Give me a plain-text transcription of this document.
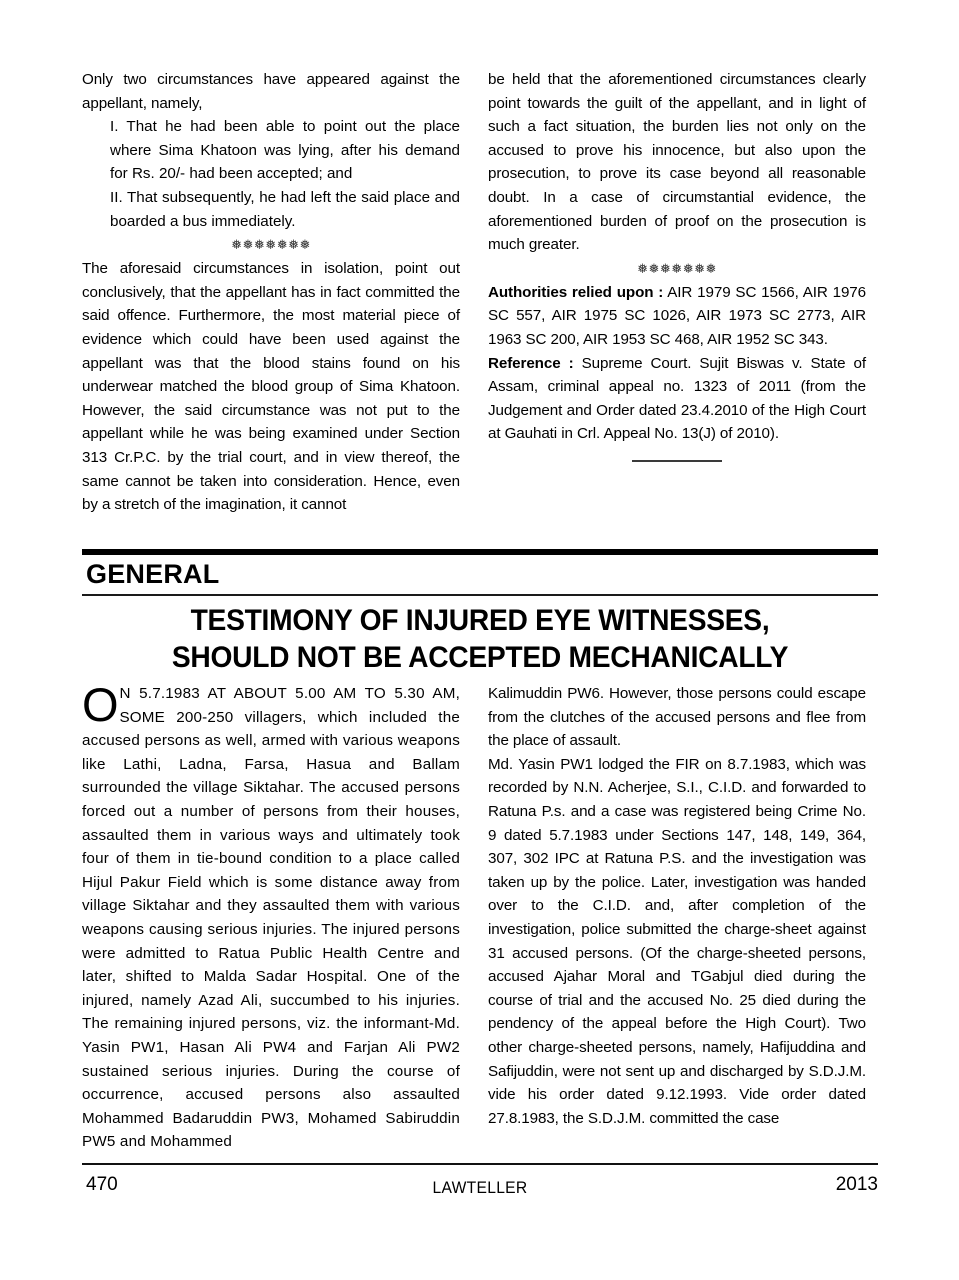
Only two circumstances have appeared against the appellant, namely,

I. That he had been able to point out the place where Sima Khatoon was lying, after his demand for Rs. 20/- had been accepted; and

II. That subsequently, he had left the said place and boarded a bus immediately.

❅❅❅❅❅❅❅

The aforesaid circumstances in isolation, point out conclusively, that the appellant has in fact committed the said offence. Furthermore, the most material piece of evidence which could have been used against the appellant was that the blood stains found on his underwear matched the blood group of Sima Khatoon. However, the said circumstance was not put to the appellant while he was being examined under Section 313 Cr.P.C. by the trial court, and in view thereof, the same cannot be taken into consideration. Hence, even by a stretch of the imagination, it cannot

be held that the aforementioned circumstances clearly point towards the guilt of the appellant, and in light of such a fact situation, the burden lies not only on the accused to prove his innocence, but also upon the prosecution, to prove its case beyond all reasonable doubt. In a case of circumstantial evidence, the aforementioned burden of proof on the prosecution is much greater.

❅❅❅❅❅❅❅

Authorities relied upon : AIR 1979 SC 1566, AIR 1976 SC 557, AIR 1975 SC 1026, AIR 1973 SC 2773, AIR 1963 SC 200, AIR 1953 SC 468, AIR 1952 SC 343.

Reference : Supreme Court. Sujit Biswas v. State of Assam, criminal appeal no. 1323 of 2011 (from the Judgement and Order dated 23.4.2010 of the High Court at Gauhati in Crl. Appeal No. 13(J) of 2010).

GENERAL
TESTIMONY OF INJURED EYE WITNESSES,
SHOULD NOT BE ACCEPTED MECHANICALLY

O N 5.7.1983 AT ABOUT 5.00 AM TO 5.30 AM, SOME 200-250 villagers, which included the accused persons as well, armed with various weapons like Lathi, Ladna, Farsa, Hasua and Ballam surrounded the village Siktahar. The accused persons forced out a number of persons from their houses, assaulted them in various ways and ultimately took four of them in tie-bound condition to a place called Hijul Pakur Field which is some distance away from village Siktahar and they assaulted them with various weapons causing serious injuries. The injured persons were admitted to Ratua Public Health Centre and later, shifted to Malda Sadar Hospital. One of the injured, namely Azad Ali, succumbed to his injuries. The remaining injured persons, viz. the informant-Md. Yasin PW1, Hasan Ali PW4 and Farjan Ali PW2 sustained serious injuries. During the course of occurrence, accused persons also assaulted Mohammed Badaruddin PW3, Mohamed Sabiruddin PW5 and Mohammed

Kalimuddin PW6. However, those persons could escape from the clutches of the accused persons and flee from the place of assault.

Md. Yasin PW1 lodged the FIR on 8.7.1983, which was recorded by N.N. Acherjee, S.I., C.I.D. and forwarded to Ratuna P.s. and a case was registered being Crime No. 9 dated 5.7.1983 under Sections 147, 148, 149, 364, 307, 302 IPC at Ratuna P.S. and the investigation was taken up by the police. Later, investigation was handed over to the C.I.D. and, after completion of the investigation, police submitted the charge-sheet against 31 accused persons. (Of the charge-sheeted persons, accused Ajahar Moral and TGabjul died during the course of trial and the accused No. 25 died during the pendency of the appeal before the High Court). Two other charge-sheeted persons, namely, Hafijuddina and Safijuddin, were not sent up and discharged by S.D.J.M. vide his order dated 9.12.1993. Vide order dated 27.8.1983, the S.D.J.M. committed the case

470	LAWTELLER	2013
